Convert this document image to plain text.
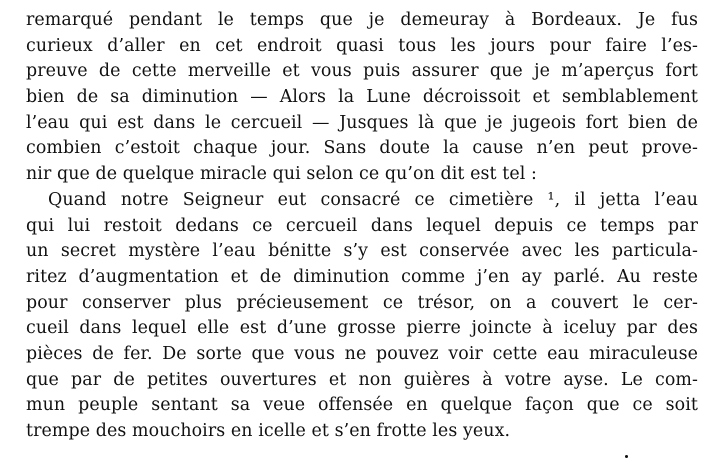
remarqué pendant le temps que je demeuray à Bordeaux. Je fus
curieux d’aller en cet endroit quasi tous les jours pour faire l’es-
preuve de cette merveille et vous puis assurer que je m’aperçus fort
bien de sa diminution — Alors la Lune décroissoit et semblablement
l’eau qui est dans le cercueil — Jusques là que je jugeois fort bien de
combien c’estoit chaque jour. Sans doute la cause n’en peut prove-
nir que de quelque miracle qui selon ce qu’on dit est tel :
Quand notre Seigneur eut consacré ce cimetière ¹, il jetta l’eau
qui lui restoit dedans ce cercueil dans lequel depuis ce temps par
un secret mystère l’eau bénitte s’y est conservée avec les particula-
ritez d’augmentation et de diminution comme j’en ay parlé. Au reste
pour conserver plus précieusement ce trésor, on a couvert le cer-
cueil dans lequel elle est d’une grosse pierre joincte à iceluy par des
pièces de fer. De sorte que vous ne pouvez voir cette eau miraculeuse
que par de petites ouvertures et non guières à votre ayse. Le com-
mun peuple sentant sa veue offensée en quelque façon que ce soit
trempe des mouchoirs en icelle et s’en frotte les yeux.
